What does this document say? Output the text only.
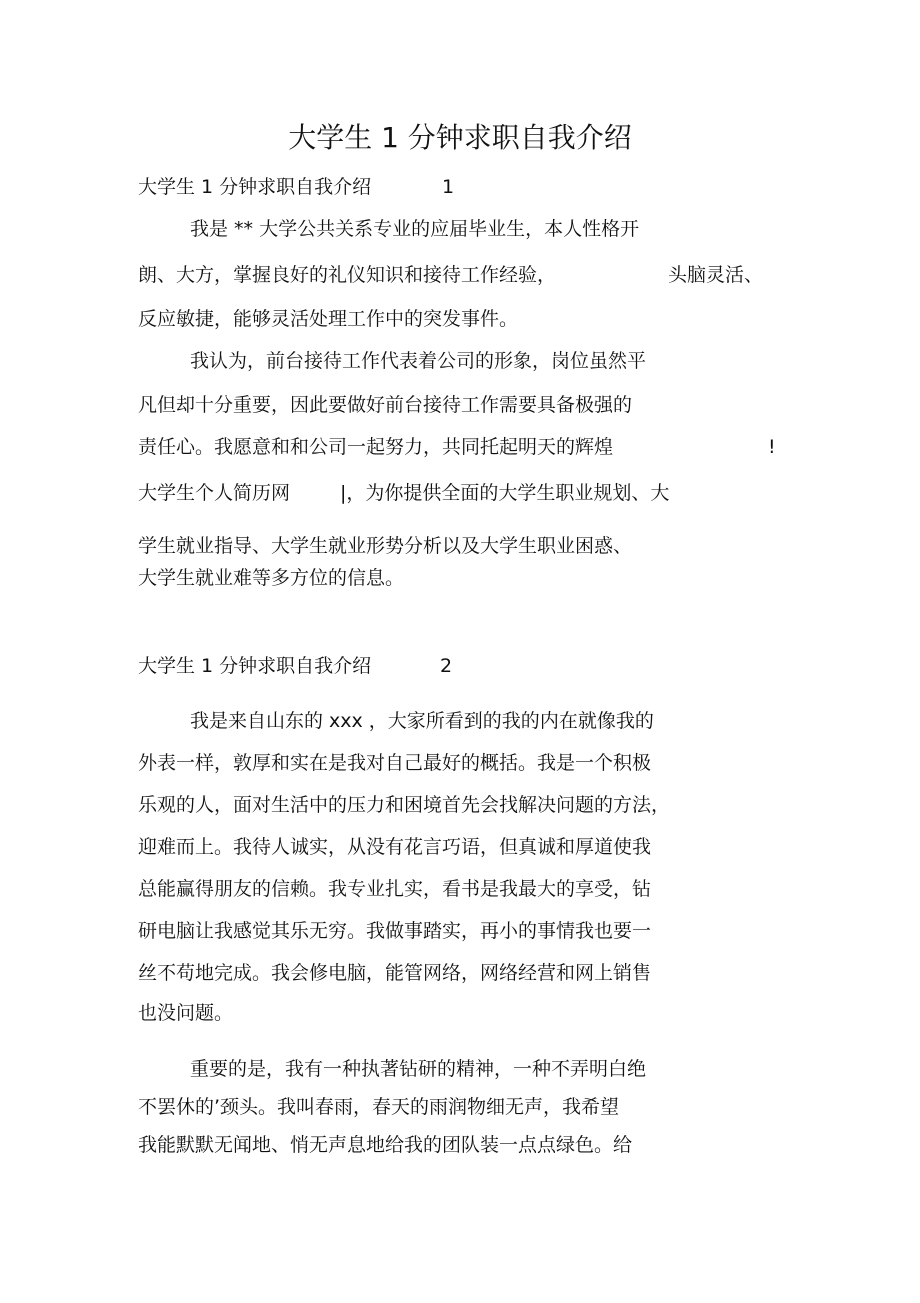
大学生 1 分钟求职自我介绍
大学生 1 分钟求职自我介绍	1
我是 ** 大学公共关系专业的应届毕业生，本人性格开
朗、大方，掌握良好的礼仪知识和接待工作经验，	头脑灵活、
反应敏捷，能够灵活处理工作中的突发事件。
我认为，前台接待工作代表着公司的形象，岗位虽然平
凡但却十分重要，因此要做好前台接待工作需要具备极强的
责任心。我愿意和和公司一起努力，共同托起明天的辉煌	!
大学生个人简历网	|，为你提供全面的大学生职业规划、大
学生就业指导、大学生就业形势分析以及大学生职业困惑、
大学生就业难等多方位的信息。
大学生 1 分钟求职自我介绍	2
我是来自山东的 xxx ，大家所看到的我的内在就像我的
外表一样，敦厚和实在是我对自己最好的概括。我是一个积极
乐观的人，面对生活中的压力和困境首先会找解决问题的方法，
迎难而上。我待人诚实，从没有花言巧语，但真诚和厚道使我
总能赢得朋友的信赖。我专业扎实，看书是我最大的享受，钻
研电脑让我感觉其乐无穷。我做事踏实，再小的事情我也要一
丝不苟地完成。我会修电脑，能管网络，网络经营和网上销售
也没问题。
重要的是，我有一种执著钻研的精神，一种不弄明白绝
不罢休的’颈头。我叫春雨，春天的雨润物细无声，我希望
我能默默无闻地、悄无声息地给我的团队装一点点绿色。给
